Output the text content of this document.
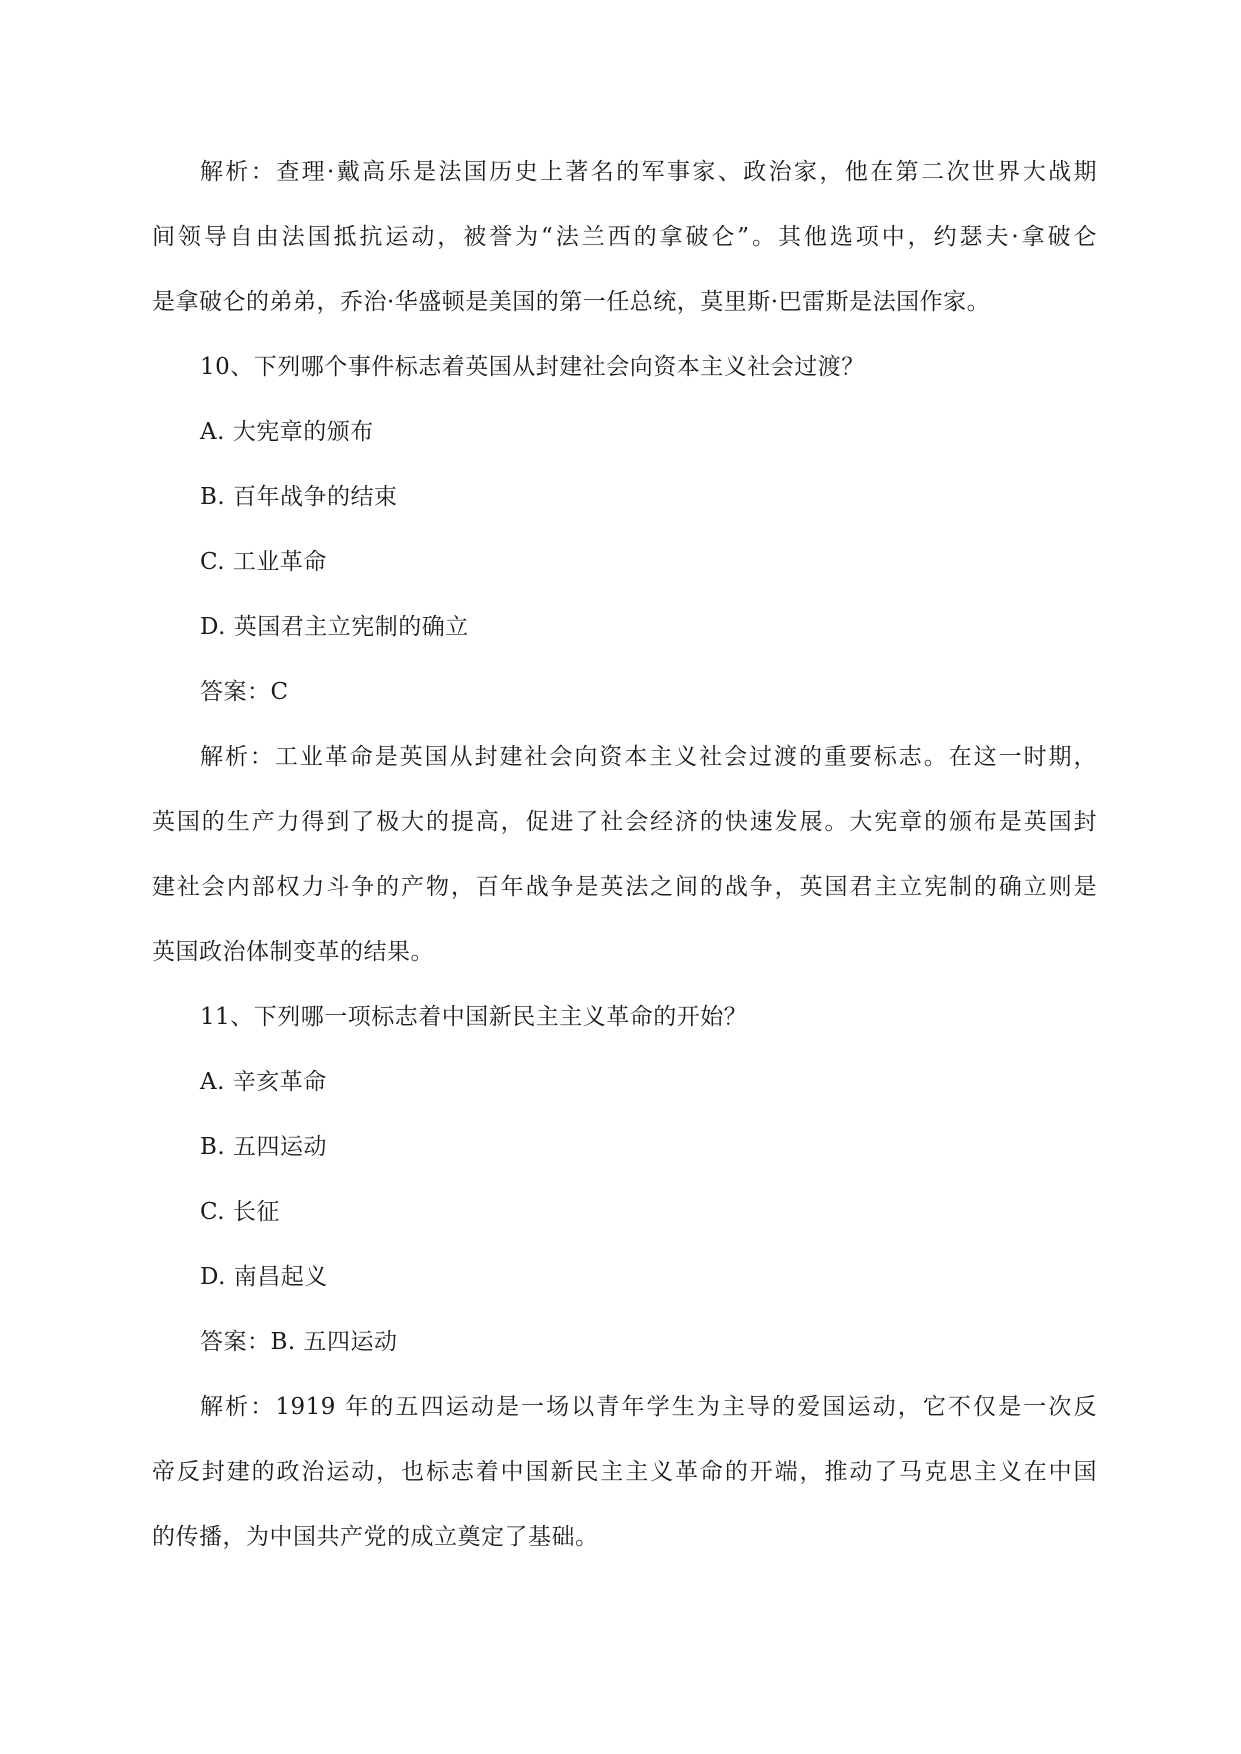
解析：查理·戴高乐是法国历史上著名的军事家、政治家，他在第二次世界大战期

间领导自由法国抵抗运动，被誉为“法兰西的拿破仑”。其他选项中，约瑟夫·拿破仑

是拿破仑的弟弟，乔治·华盛顿是美国的第一任总统，莫里斯·巴雷斯是法国作家。

10、下列哪个事件标志着英国从封建社会向资本主义社会过渡？

A. 大宪章的颁布

B. 百年战争的结束

C. 工业革命

D. 英国君主立宪制的确立

答案：C

解析：工业革命是英国从封建社会向资本主义社会过渡的重要标志。在这一时期，

英国的生产力得到了极大的提高，促进了社会经济的快速发展。大宪章的颁布是英国封

建社会内部权力斗争的产物，百年战争是英法之间的战争，英国君主立宪制的确立则是

英国政治体制变革的结果。

11、下列哪一项标志着中国新民主主义革命的开始？

A. 辛亥革命

B. 五四运动

C. 长征

D. 南昌起义

答案：B. 五四运动

解析：1919 年的五四运动是一场以青年学生为主导的爱国运动，它不仅是一次反

帝反封建的政治运动，也标志着中国新民主主义革命的开端，推动了马克思主义在中国

的传播，为中国共产党的成立奠定了基础。
